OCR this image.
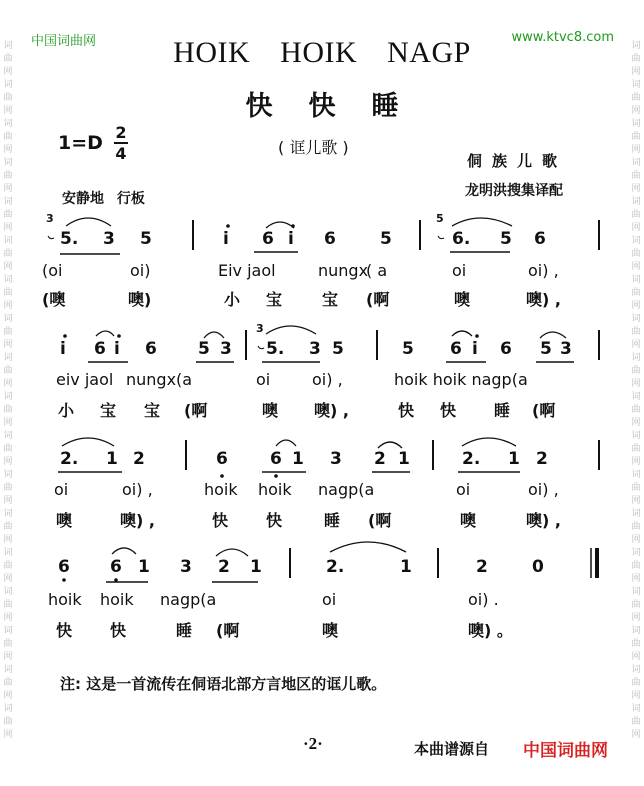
词曲网词曲网词曲网词曲网词曲网词曲网词曲网词曲网词曲网词曲网词曲网词曲网词曲网词曲网词曲网词曲网词曲网词曲网
词曲网词曲网词曲网词曲网词曲网词曲网词曲网词曲网词曲网词曲网词曲网词曲网词曲网词曲网词曲网词曲网词曲网词曲网
中国词曲网	www.ktvc8.com
HOIK HOIK NAGP
快快睡
1=D 2
4	( 诓儿歌 )
侗族儿歌
龙明洪搜集译配
安静地 行板
3	5
3
5. 3 5	i 6 i 6	5	6. 5 6
i 6 i 6 5 3 5. 3 5	5 6 i 6 5 3
2. 1 2	6 6 1 3 2 1	2. 1 2
6 6 1 3 2 1	2.	1	2	0
(oi	oi)	Eiv jaol	nungx
( a	oi	oi) ,
(噢	噢)	小 宝 宝 (啊	噢	噢) ,
eiv jaol nungx(a	oi	oi) ,	hoik hoik nagp(a
小 宝 宝 (啊	噢 噢) ,	快 快 睡 (啊
oi	oi) ,	hoik hoik nagp(a	oi	oi) ,
噢	噢) ,	快 快	睡 (啊	噢	噢) ,
hoik hoik nagp(a	oi	oi) .
快 快	睡 (啊	噢	噢) 。
注: 这是一首流传在侗语北部方言地区的诓儿歌。
·2·	本曲谱源自 中国词曲网
